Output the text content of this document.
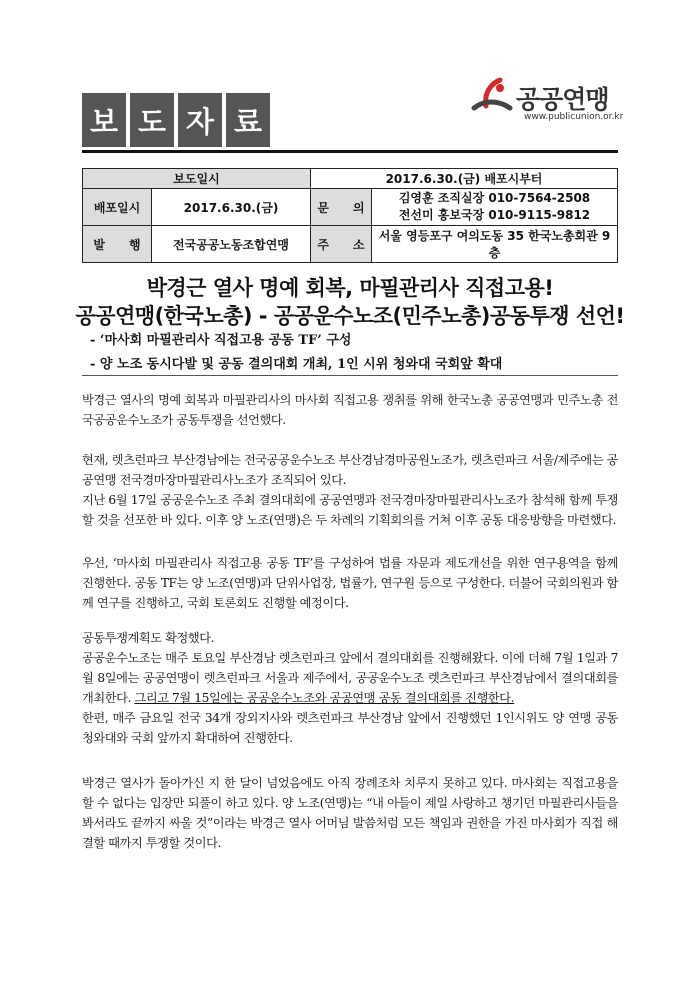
보 도 자 료
공공연맹
www.publicunion.or.kr
보도일시		2017.6.30.(금) 배포시부터	
배포일시	2017.6.30.(금)	문　　의	김영훈 조직실장 010-7564-2508
전선미 홍보국장 010-9115-9812

발　　행	전국공공노동조합연맹	주　　소	서울 영등포구 여의도동 35 한국노총회관 9층
박경근 열사 명예 회복, 마필관리사 직접고용!
공공연맹(한국노총) - 공공운수노조(민주노총)공동투쟁 선언!
- ‘마사회 마필관리사 직접고용 공동 TF’ 구성
- 양 노조 동시다발 및 공동 결의대회 개최, 1인 시위 청와대 국회앞 확대

박경근 열사의 명예 회복과 마필관리사의 마사회 직접고용 쟁취를 위해 한국노총 공공연맹과 민주노총 전국공공운수노조가 공동투쟁을 선언했다.

현재, 렛츠런파크 부산경남에는 전국공공운수노조 부산경남경마공원노조가, 렛츠런파크 서울/제주에는 공공연맹 전국경마장마필관리사노조가 조직되어 있다.

지난 6월 17일 공공운수노조 주최 결의대회에 공공연맹과 전국경마장마필관리사노조가 참석해 함께 투쟁할 것을 선포한 바 있다. 이후 양 노조(연맹)은 두 차례의 기획회의를 거쳐 이후 공동 대응방향을 마련했다.

우선, ‘마사회 마필관리사 직접고용 공동 TF’를 구성하여 법률 자문과 제도개선을 위한 연구용역을 함께 진행한다. 공동 TF는 양 노조(연맹)과 단위사업장, 법률가, 연구원 등으로 구성한다. 더불어 국회의원과 함께 연구를 진행하고, 국회 토론회도 진행할 예정이다.

공동투쟁계획도 확정했다.

공공운수노조는 매주 토요일 부산경남 렛츠런파크 앞에서 결의대회를 진행해왔다. 이에 더해 7월 1일과 7월 8일에는 공공연맹이 렛츠런파크 서울과 제주에서, 공공운수노조 렛츠런파크 부산경남에서 결의대회를 개최한다. 그리고 7월 15일에는 공공운수노조와 공공연맹 공동 결의대회를 진행한다.

한편, 매주 금요일 전국 34개 장외지사와 렛츠런파크 부산경남 앞에서 진행했던 1인시위도 양 연맹 공동 청와대와 국회 앞까지 확대하여 진행한다.

박경근 열사가 돌아가신 지 한 달이 넘었음에도 아직 장례조차 치루지 못하고 있다. 마사회는 직접고용을 할 수 없다는 입장만 되풀이 하고 있다. 양 노조(연맹)는 “내 아들이 제일 사랑하고 챙기던 마필관리사들을 봐서라도 끝까지 싸울 것”이라는 박경근 열사 어머님 발씀처럼 모든 책임과 권한을 가진 마사회가 직접 해결할 때까지 투쟁할 것이다.
